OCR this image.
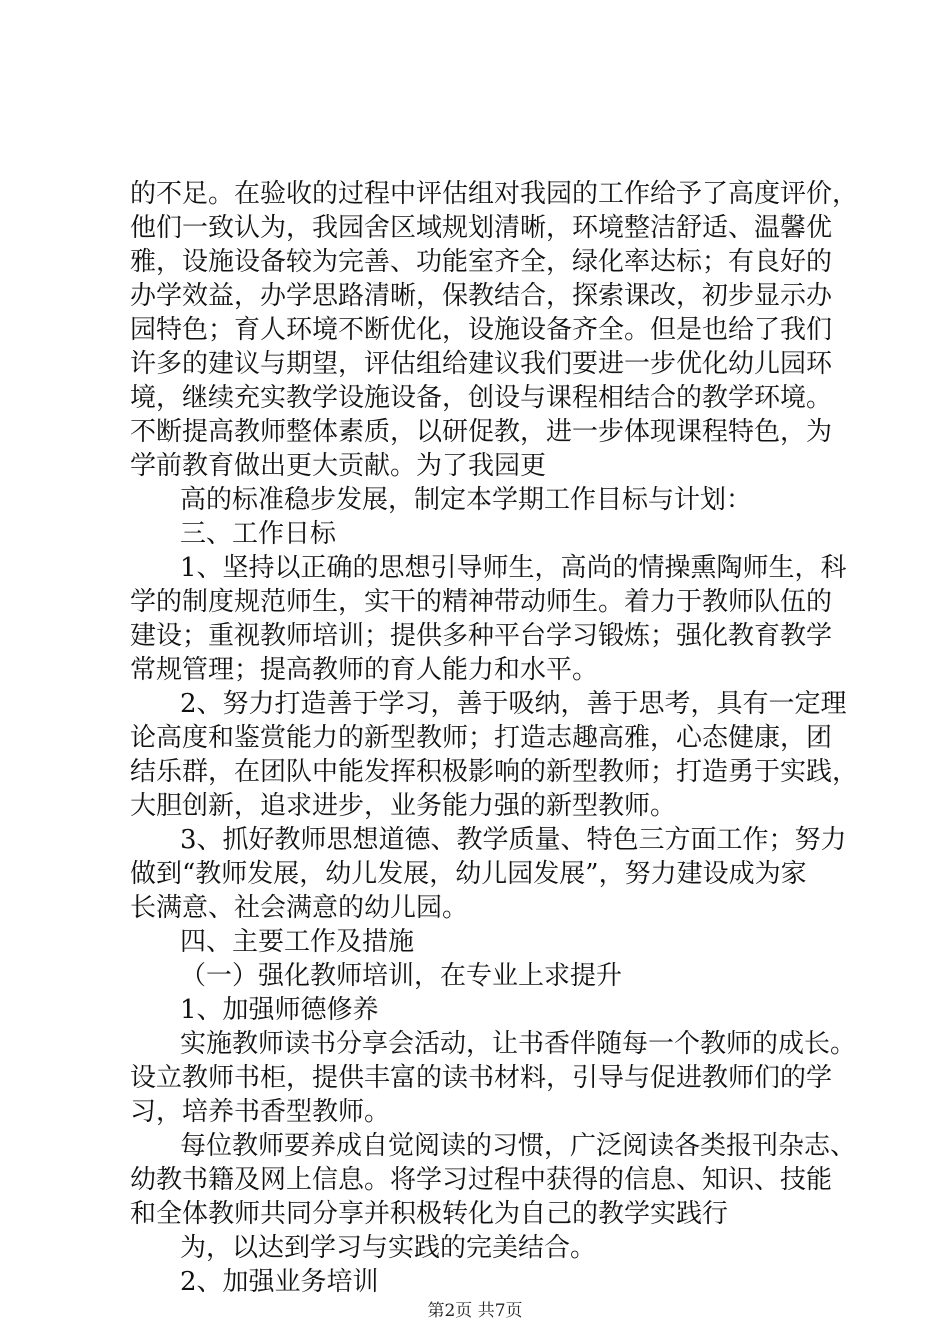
的不足。在验收的过程中评估组对我园的工作给予了高度评价，
他们一致认为，我园舍区域规划清晰，环境整洁舒适、温馨优
雅，设施设备较为完善、功能室齐全，绿化率达标；有良好的
办学效益，办学思路清晰，保教结合，探索课改，初步显示办
园特色；育人环境不断优化，设施设备齐全。但是也给了我们
许多的建议与期望，评估组给建议我们要进一步优化幼儿园环
境，继续充实教学设施设备，创设与课程相结合的教学环境。
不断提高教师整体素质，以研促教，进一步体现课程特色，为
学前教育做出更大贡献。为了我园更
高的标准稳步发展，制定本学期工作目标与计划：
三、工作日标
1、坚持以正确的思想引导师生，高尚的情操熏陶师生，科
学的制度规范师生，实干的精神带动师生。着力于教师队伍的
建设；重视教师培训；提供多种平台学习锻炼；强化教育教学
常规管理；提高教师的育人能力和水平。
2、努力打造善于学习，善于吸纳，善于思考，具有一定理
论高度和鉴赏能力的新型教师；打造志趣高雅，心态健康，团
结乐群，在团队中能发挥积极影响的新型教师；打造勇于实践，
大胆创新，追求进步，业务能力强的新型教师。
3、抓好教师思想道德、教学质量、特色三方面工作；努力
做到“教师发展，幼儿发展，幼儿园发展”，努力建设成为家
长满意、社会满意的幼儿园。
四、主要工作及措施
（一）强化教师培训，在专业上求提升
1、加强师德修养
实施教师读书分享会活动，让书香伴随每一个教师的成长。
设立教师书柜，提供丰富的读书材料，引导与促进教师们的学
习，培养书香型教师。
每位教师要养成自觉阅读的习惯，广泛阅读各类报刊杂志、
幼教书籍及网上信息。将学习过程中获得的信息、知识、技能
和全体教师共同分享并积极转化为自己的教学实践行
为，以达到学习与实践的完美结合。
2、加强业务培训
第2页 共7页
